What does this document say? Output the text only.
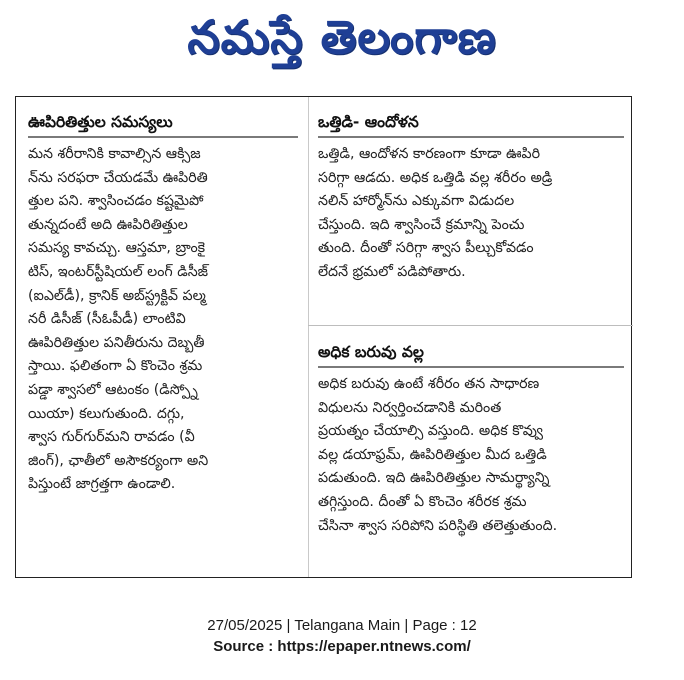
నమస్తే తెలంగాణ
ఊపిరితిత్తుల సమస్యలు

మన శరీరానికి కావాల్సిన ఆక్సిజ

న్‌ను సరఫరా చేయడమే ఊపిరితి

త్తుల పని. శ్వాసించడం కష్టమైపో

తున్నదంటే అది ఊపిరితిత్తుల

సమస్య కావచ్చు. ఆస్తమా, బ్రాంకై

టిస్, ఇంటర్‌స్టీషియల్ లంగ్ డిసీజ్

(ఐఎల్‌డీ), క్రానిక్ అబ్‌స్ట్రక్టివ్ పల్మ

నరీ డిసీజ్ (సీఓపీడీ) లాంటివి

ఊపిరితిత్తుల పనితీరును దెబ్బతీ

స్తాయి. ఫలితంగా ఏ కొంచెం శ్రమ

పడ్డా శ్వాసలో ఆటంకం (డిస్ప్నో

యియా) కలుగుతుంది. దగ్గు,

శ్వాస గుర్‌గుర్‌మని రావడం (వీ

జింగ్), ఛాతీలో అసౌకర్యంగా అని

పిస్తుంటే జాగ్రత్తగా ఉండాలి.

ఒత్తిడి- ఆందోళన

ఒత్తిడి, ఆందోళన కారణంగా కూడా ఊపిరి

సరిగ్గా ఆడదు. అధిక ఒత్తిడి వల్ల శరీరం అడ్రి

నలిన్ హార్మోన్‌ను ఎక్కువగా విడుదల

చేస్తుంది. ఇది శ్వాసించే క్రమాన్ని పెంచు

తుంది. దీంతో సరిగ్గా శ్వాస పీల్చుకోవడం

లేదనే భ్రమలో పడిపోతారు.

అధిక బరువు వల్ల

అధిక బరువు ఉంటే శరీరం తన సాధారణ

విధులను నిర్వర్తించడానికి మరింత

ప్రయత్నం చేయాల్సి వస్తుంది. అధిక కొవ్వు

వల్ల డయాఫ్రమ్, ఊపిరితిత్తుల మీద ఒత్తిడి

పడుతుంది. ఇది ఊపిరితిత్తుల సామర్థ్యాన్ని

తగ్గిస్తుంది. దీంతో ఏ కొంచెం శరీరక శ్రమ

చేసినా శ్వాస సరిపోని పరిస్థితి తలెత్తుతుంది.

27/05/2025 | Telangana Main | Page : 12
Source : https://epaper.ntnews.com/
